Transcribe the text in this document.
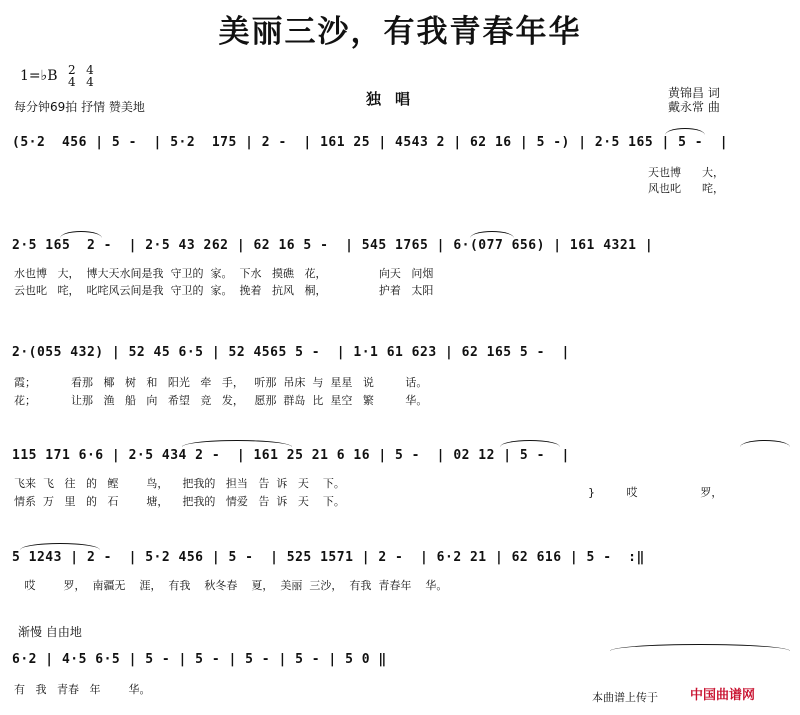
美丽三沙，有我青春年华
1=♭B 2
4

4
4
每分钟69拍 抒情 赞美地	独唱	黄锦昌 词
戴永常 曲
(5·2  456 | 5 -  | 5·2  175 | 2 -  | 161 25 | 4543 2 | 62 16 | 5 -) | 2·5 165 | 5 -  |
天也博      大，
风也叱      咤，
2·5 165  2 -  | 2·5 43 262 | 62 16 5 -  | 545 1765 | 6·(077 656) | 161 4321 |
水也博   大，  博大天水间是我  守卫的  家。  下水   摸礁   花，               向天   问烟
云也叱   咤，  叱咤风云间是我  守卫的  家。  挽着   抗风   桐，               护着   太阳
2·(055 432) | 52 45 6·5 | 52 4565 5 -  | 1·1 61 623 | 62 165 5 -  |
霞；          看那   椰   树   和   阳光   牵   手，   听那  吊床  与  星星   说         话。
花；          让那   渔   船   向   希望   竞   发，   愿那  群岛  比  星空   繁         华。
115 171 6·6 | 2·5 434 2 -  | 161 25 21 6 16 | 5 -  | 02 12 | 5 -  |
飞来  飞   往   的   鲣        鸟，    把我的   担当   告  诉   天    下。
情系  万   里   的   石        塘，    把我的   情爱   告  诉   天    下。
}         哎                  罗，
5 1243 | 2 -  | 5·2 456 | 5 -  | 525 1571 | 2 -  | 6·2 21 | 62 616 | 5 -  :‖
哎        罗，  南疆无    涯，  有我    秋冬春    夏，  美丽  三沙，  有我  青春年    华。
渐慢 自由地
6·2 | 4·5 6·5 | 5 - | 5 - | 5 - | 5 - | 5 0 ‖
有   我   青春   年        华。
本曲谱上传于 中国曲谱网
